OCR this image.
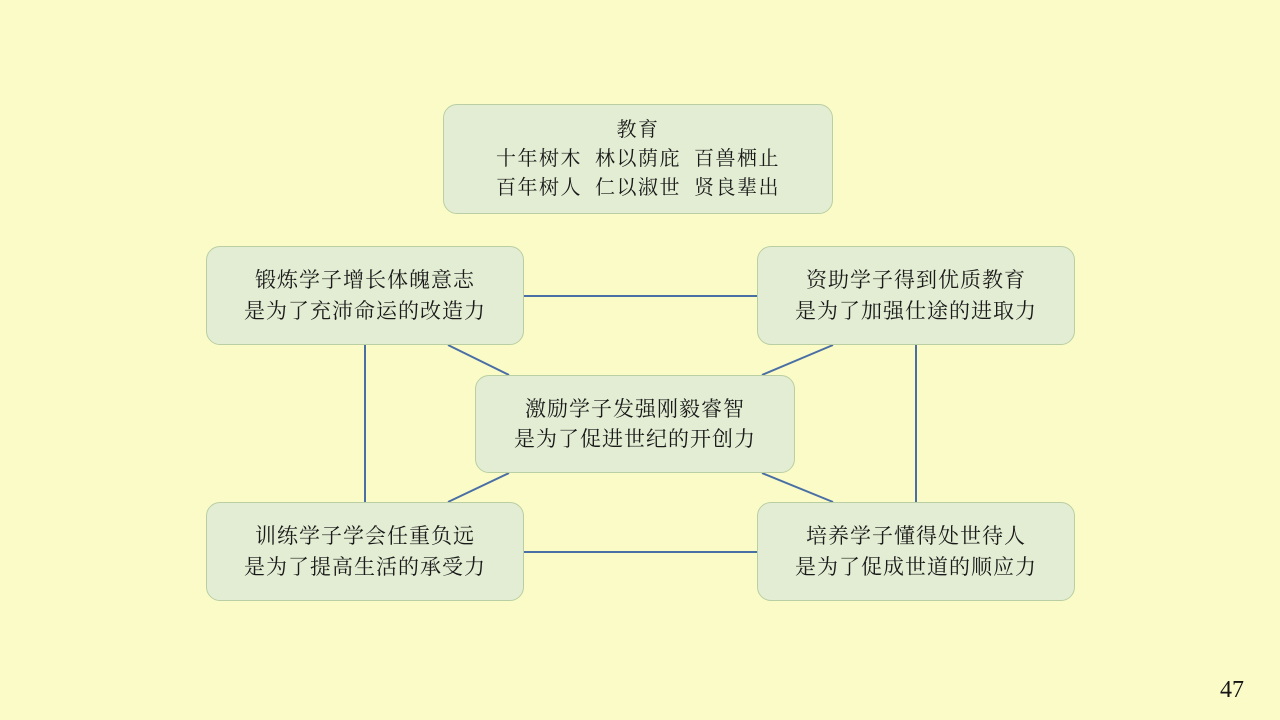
教育
十年树木  林以荫庇  百兽栖止
百年树人  仁以淑世  贤良辈出
锻炼学子增长体魄意志
是为了充沛命运的改造力
资助学子得到优质教育
是为了加强仕途的进取力
激励学子发强刚毅睿智
是为了促进世纪的开创力
训练学子学会任重负远
是为了提高生活的承受力
培养学子懂得处世待人
是为了促成世道的顺应力
47
